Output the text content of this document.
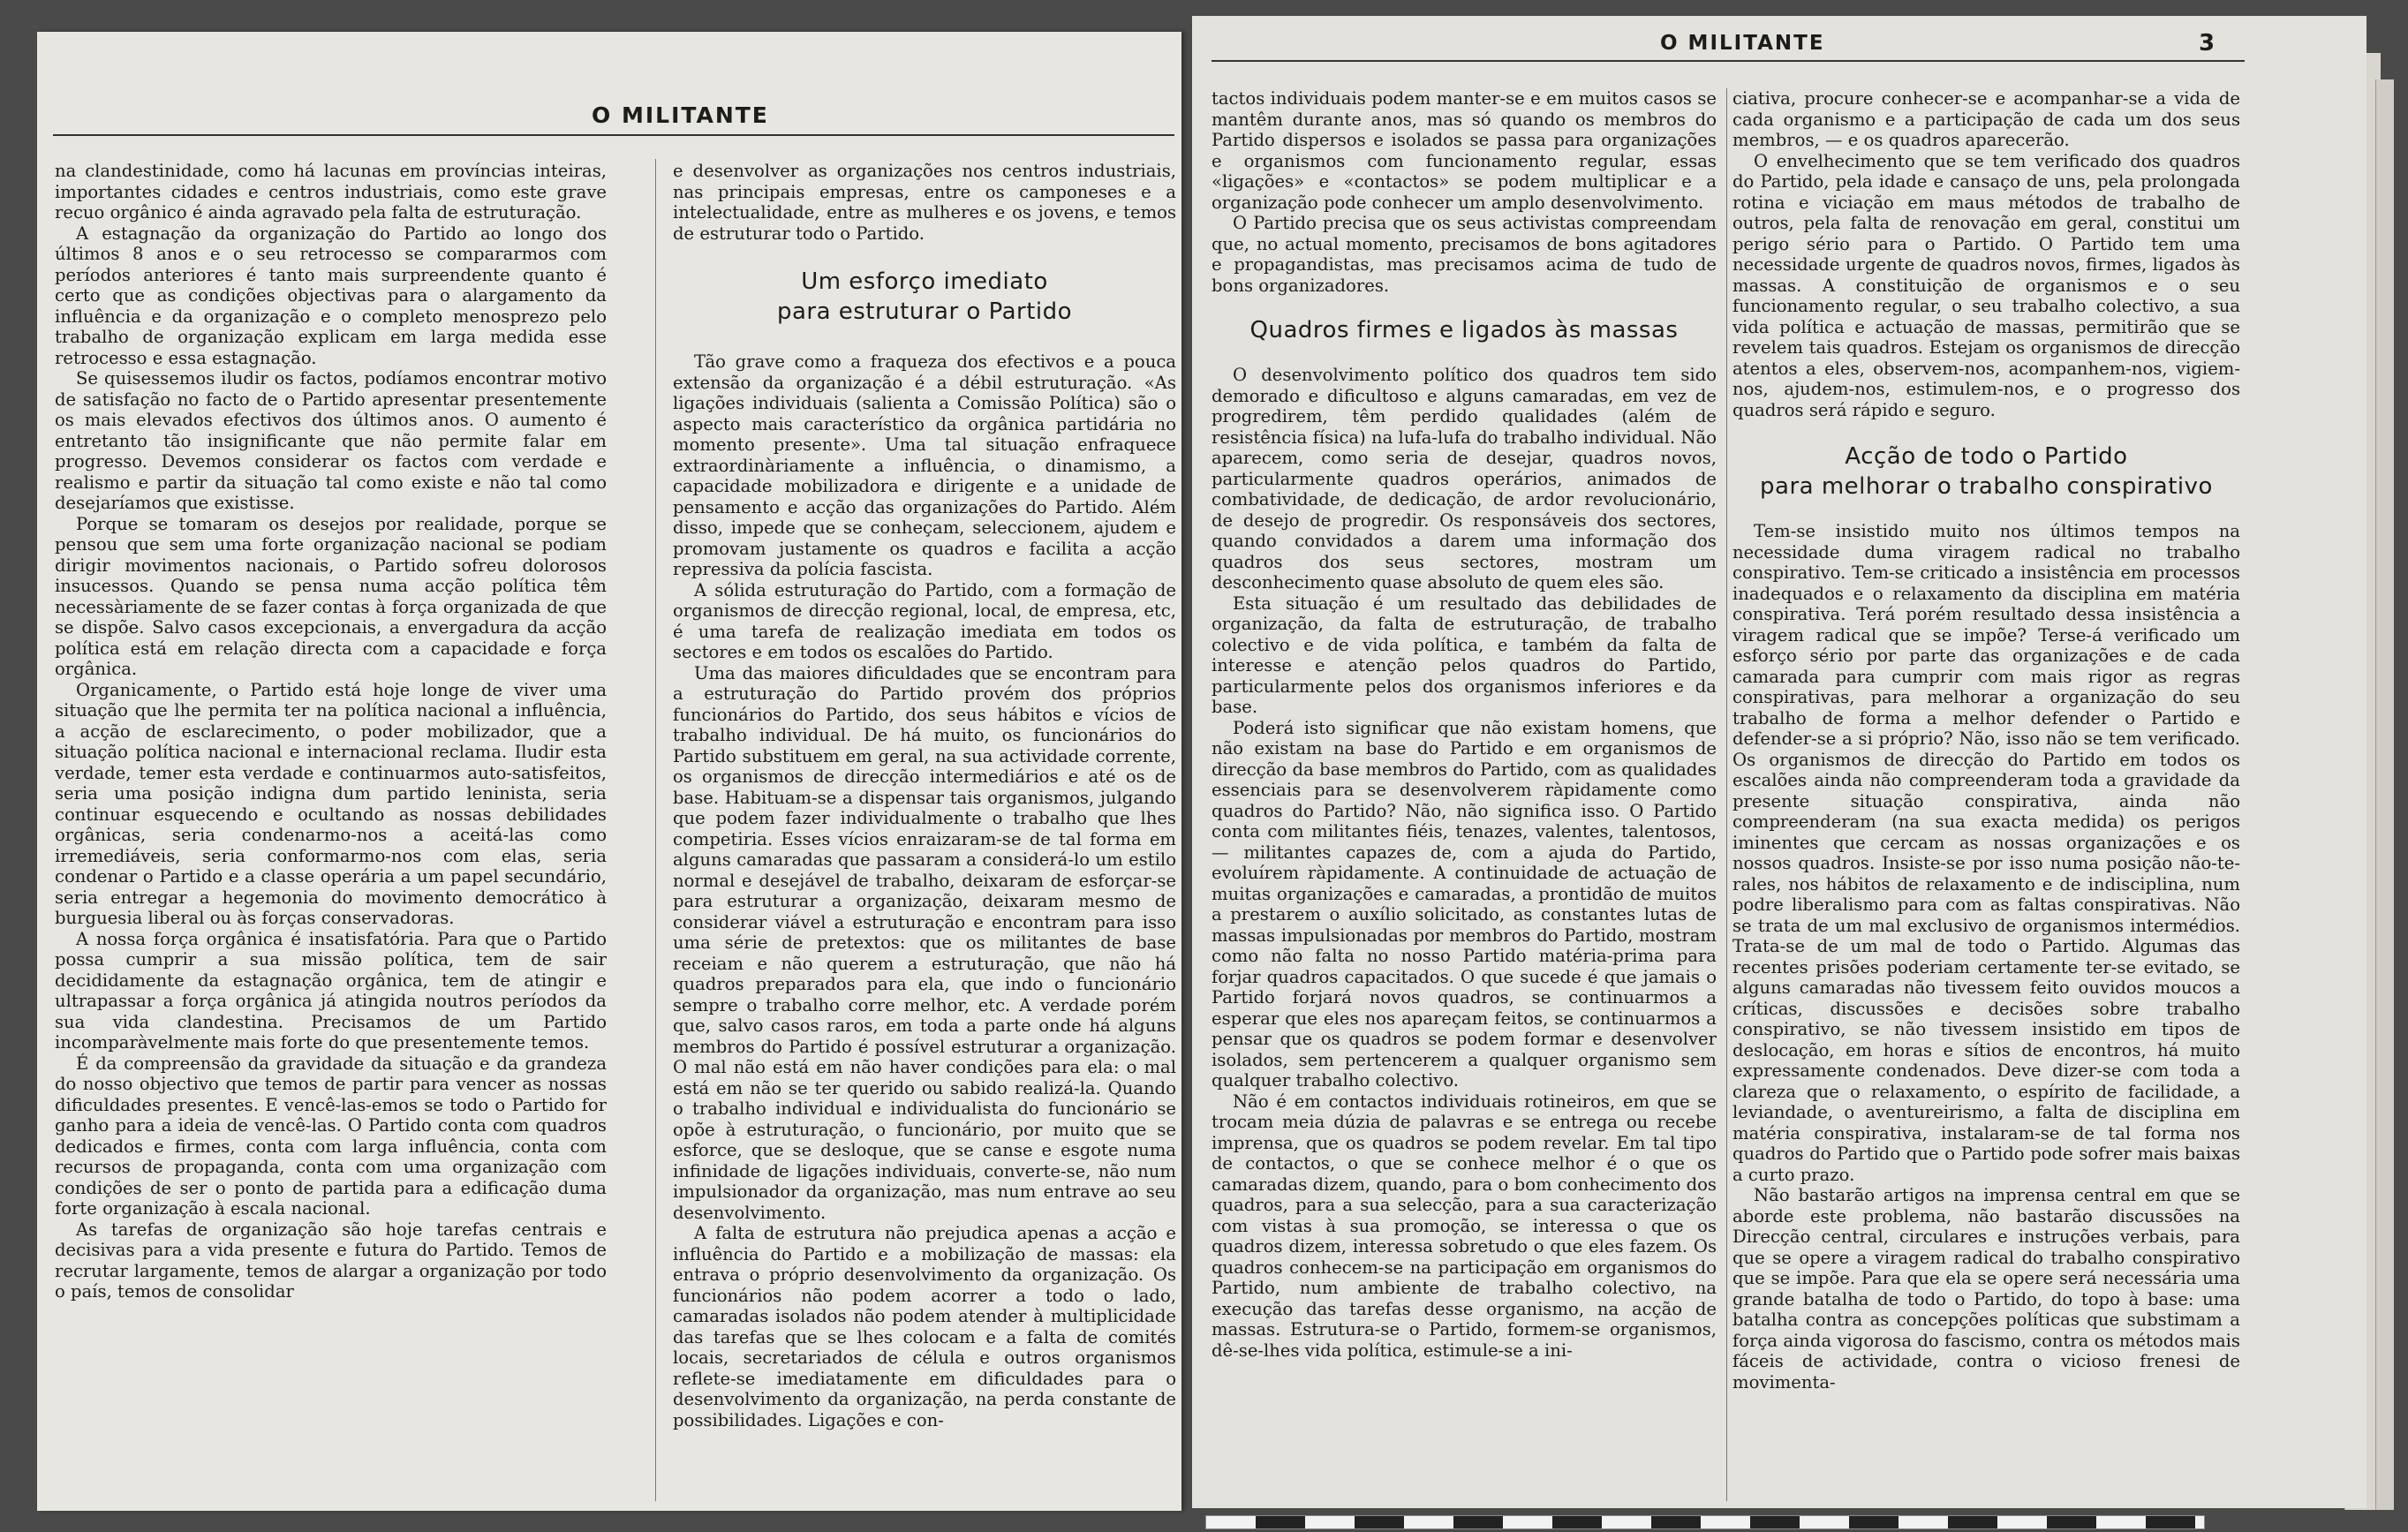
O MILITANTE

na clandestinidade, como há lacunas em províncias inteiras, importantes cidades e centros industriais, como este grave recuo orgânico é ainda agravado pela falta de estruturação.

A estagnação da organização do Partido ao longo dos últimos 8 anos e o seu retrocesso se compararmos com períodos anteriores é tanto mais surpreendente quanto é certo que as condições objectivas para o alargamento da influência e da organização e o completo menosprezo pelo trabalho de organização explicam em larga medida esse retrocesso e essa estagnação.

Se quisessemos iludir os factos, podíamos encontrar motivo de satisfação no facto de o Partido apresentar presentemente os mais elevados efectivos dos últimos anos. O aumento é entretanto tão insignificante que não permite falar em progresso. Devemos considerar os factos com verdade e realismo e partir da situação tal como existe e não tal como desejaríamos que existisse.

Porque se tomaram os desejos por realidade, porque se pensou que sem uma forte organização nacional se podiam dirigir movimentos nacionais, o Partido sofreu dolorosos insucessos. Quando se pensa numa acção política têm necessàriamente de se fazer contas à força organizada de que se dispõe. Salvo casos excepcionais, a envergadura da acção política está em relação directa com a capacidade e força orgânica.

Organicamente, o Partido está hoje longe de viver uma situação que lhe permita ter na política nacional a influência, a acção de esclarecimento, o poder mobilizador, que a situação política nacional e internacional reclama. Iludir esta verdade, temer esta verdade e continuarmos auto-satisfeitos, seria uma posição indigna dum partido leninista, seria continuar esquecendo e ocultando as nossas debilidades orgânicas, seria condenarmo-nos a aceitá-las como irremediáveis, seria conformarmo-nos com elas, seria condenar o Partido e a classe operária a um papel secundário, seria entregar a hegemonia do movimento democrático à burguesia liberal ou às forças conservadoras.

A nossa força orgânica é insatisfatória. Para que o Partido possa cumprir a sua missão política, tem de sair decididamente da estagnação orgânica, tem de atingir e ultrapassar a força orgânica já atingida noutros períodos da sua vida clandestina. Precisamos de um Partido incomparàvelmente mais forte do que presentemente temos.

É da compreensão da gravidade da situação e da grandeza do nosso objectivo que temos de partir para vencer as nossas dificuldades presentes. E vencê-las-emos se todo o Partido for ganho para a ideia de vencê-las. O Partido conta com quadros dedicados e firmes, conta com larga influência, conta com recursos de propaganda, conta com uma organização com condições de ser o ponto de partida para a edificação duma forte organização à escala nacional.

As tarefas de organização são hoje tarefas centrais e decisivas para a vida presente e futura do Partido. Temos de recrutar largamente, temos de alargar a organização por todo o país, temos de consolidar

e desenvolver as organizações nos centros industriais, nas principais empresas, entre os camponeses e a intelectualidade, entre as mulheres e os jovens, e temos de estruturar todo o Partido.

Um esforço imediato
para estruturar o Partido

Tão grave como a fraqueza dos efectivos e a pouca extensão da organização é a débil estruturação. «As ligações individuais (salienta a Comissão Política) são o aspecto mais característico da orgânica partidária no momento presente». Uma tal situação enfraquece extraordinàriamente a influência, o dinamismo, a capacidade mobilizadora e dirigente e a unidade de pensamento e acção das organizações do Partido. Além disso, impede que se conheçam, seleccionem, ajudem e promovam justamente os quadros e facilita a acção repressiva da polícia fascista.

A sólida estruturação do Partido, com a formação de organismos de direcção regional, local, de empresa, etc, é uma tarefa de realização imediata em todos os sectores e em todos os escalões do Partido.

Uma das maiores dificuldades que se encontram para a estruturação do Partido provém dos próprios funcionários do Partido, dos seus hábitos e vícios de trabalho individual. De há muito, os funcionários do Partido substituem em geral, na sua actividade corrente, os organismos de direcção intermediários e até os de base. Habituam-se a dispensar tais organismos, julgando que podem fazer individualmente o trabalho que lhes competiria. Esses vícios enraizaram-se de tal forma em alguns camaradas que passaram a considerá-lo um estilo normal e desejável de trabalho, deixaram de esforçar-se para estruturar a organização, deixaram mesmo de considerar viável a estruturação e encontram para isso uma série de pretextos: que os militantes de base receiam e não querem a estruturação, que não há quadros preparados para ela, que indo o funcionário sempre o trabalho corre melhor, etc. A verdade porém que, salvo casos raros, em toda a parte onde há alguns membros do Partido é possível estruturar a organização. O mal não está em não haver condições para ela: o mal está em não se ter querido ou sabido realizá-la. Quando o trabalho individual e individualista do funcionário se opõe à estruturação, o funcionário, por muito que se esforce, que se desloque, que se canse e esgote numa infinidade de ligações individuais, converte-se, não num impulsionador da organização, mas num entrave ao seu desenvolvimento.

A falta de estrutura não prejudica apenas a acção e influência do Partido e a mobilização de massas: ela entrava o próprio desenvolvimento da organização. Os funcionários não podem acorrer a todo o lado, camaradas isolados não podem atender à multiplicidade das tarefas que se lhes colocam e a falta de comités locais, secretariados de célula e outros organismos reflete-se imediatamente em dificuldades para o desenvolvimento da organização, na perda constante de possibilidades. Ligações e con-

O MILITANTE	3

tactos individuais podem manter-se e em muitos casos se mantêm durante anos, mas só quando os membros do Partido dispersos e isolados se passa para organizações e organismos com funcionamento regular, essas «ligações» e «contactos» se podem multiplicar e a organização pode conhecer um amplo desenvolvimento.

O Partido precisa que os seus activistas compreendam que, no actual momento, precisamos de bons agitadores e propagandistas, mas precisamos acima de tudo de bons organizadores.

Quadros firmes e ligados às massas

O desenvolvimento político dos quadros tem sido demorado e dificultoso e alguns camaradas, em vez de progredirem, têm perdido qualidades (além de resistência física) na lufa-lufa do trabalho individual. Não aparecem, como seria de desejar, quadros novos, particularmente quadros operários, animados de combatividade, de dedicação, de ardor revolucionário, de desejo de progredir. Os responsáveis dos sectores, quando convidados a darem uma informação dos quadros dos seus sectores, mostram um desconhecimento quase absoluto de quem eles são.

Esta situação é um resultado das debilidades de organização, da falta de estruturação, de trabalho colectivo e de vida política, e também da falta de interesse e atenção pelos quadros do Partido, particularmente pelos dos organismos inferiores e da base.

Poderá isto significar que não existam homens, que não existam na base do Partido e em organismos de direcção da base membros do Partido, com as qualidades essenciais para se desenvolverem ràpidamente como quadros do Partido? Não, não significa isso. O Partido conta com militantes fiéis, tenazes, valentes, talentosos, — militantes capazes de, com a ajuda do Partido, evoluírem ràpidamente. A continuidade de actuação de muitas organizações e camaradas, a prontidão de muitos a prestarem o auxílio solicitado, as constantes lutas de massas impulsionadas por membros do Partido, mostram como não falta no nosso Partido matéria-prima para forjar quadros capacitados. O que sucede é que jamais o Partido forjará novos quadros, se continuarmos a esperar que eles nos apareçam feitos, se continuarmos a pensar que os quadros se podem formar e desenvolver isolados, sem pertencerem a qualquer organismo sem qualquer trabalho colectivo.

Não é em contactos individuais rotineiros, em que se trocam meia dúzia de palavras e se entrega ou recebe imprensa, que os quadros se podem revelar. Em tal tipo de contactos, o que se conhece melhor é o que os camaradas dizem, quando, para o bom conhecimento dos quadros, para a sua selecção, para a sua caracterização com vistas à sua promoção, se interessa o que os quadros dizem, interessa sobretudo o que eles fazem. Os quadros conhecem-se na participação em organismos do Partido, num ambiente de trabalho colectivo, na execução das tarefas desse organismo, na acção de massas. Estrutura-se o Partido, formem-se organismos, dê-se-lhes vida política, estimule-se a ini-

ciativa, procure conhecer-se e acompanhar-se a vida de cada organismo e a participação de cada um dos seus membros, — e os quadros aparecerão.

O envelhecimento que se tem verificado dos quadros do Partido, pela idade e cansaço de uns, pela prolongada rotina e viciação em maus métodos de trabalho de outros, pela falta de renovação em geral, constitui um perigo sério para o Partido. O Partido tem uma necessidade urgente de quadros novos, firmes, ligados às massas. A constituição de organismos e o seu funcionamento regular, o seu trabalho colectivo, a sua vida política e actuação de massas, permitirão que se revelem tais quadros. Estejam os organismos de direcção atentos a eles, observem-nos, acompanhem-nos, vigiem-nos, ajudem-nos, estimulem-nos, e o progresso dos quadros será rápido e seguro.

Acção de todo o Partido
para melhorar o trabalho conspirativo

Tem-se insistido muito nos últimos tempos na necessidade duma viragem radical no trabalho conspirativo. Tem-se criticado a insistência em processos inadequados e o relaxamento da disciplina em matéria conspirativa. Terá porém resultado dessa insistência a viragem radical que se impõe? Terse-á verificado um esforço sério por parte das organizações e de cada camarada para cumprir com mais rigor as regras conspirativas, para melhorar a organização do seu trabalho de forma a melhor defender o Partido e defender-se a si próprio? Não, isso não se tem verificado. Os organismos de direcção do Partido em todos os escalões ainda não compreenderam toda a gravidade da presente situação conspirativa, ainda não compreenderam (na sua exacta medida) os perigos iminentes que cercam as nossas organizações e os nossos quadros. Insiste-se por isso numa posição não-te-rales, nos hábitos de relaxamento e de indisciplina, num podre liberalismo para com as faltas conspirativas. Não se trata de um mal exclusivo de organismos intermédios. Trata-se de um mal de todo o Partido. Algumas das recentes prisões poderiam certamente ter-se evitado, se alguns camaradas não tivessem feito ouvidos moucos a críticas, discussões e decisões sobre trabalho conspirativo, se não tivessem insistido em tipos de deslocação, em horas e sítios de encontros, há muito expressamente condenados. Deve dizer-se com toda a clareza que o relaxamento, o espírito de facilidade, a leviandade, o aventureirismo, a falta de disciplina em matéria conspirativa, instalaram-se de tal forma nos quadros do Partido que o Partido pode sofrer mais baixas a curto prazo.

Não bastarão artigos na imprensa central em que se aborde este problema, não bastarão discussões na Direcção central, circulares e instruções verbais, para que se opere a viragem radical do trabalho conspirativo que se impõe. Para que ela se opere será necessária uma grande batalha de todo o Partido, do topo à base: uma batalha contra as concepções políticas que substimam a força ainda vigorosa do fascismo, contra os métodos mais fáceis de actividade, contra o vicioso frenesi de movimenta-
